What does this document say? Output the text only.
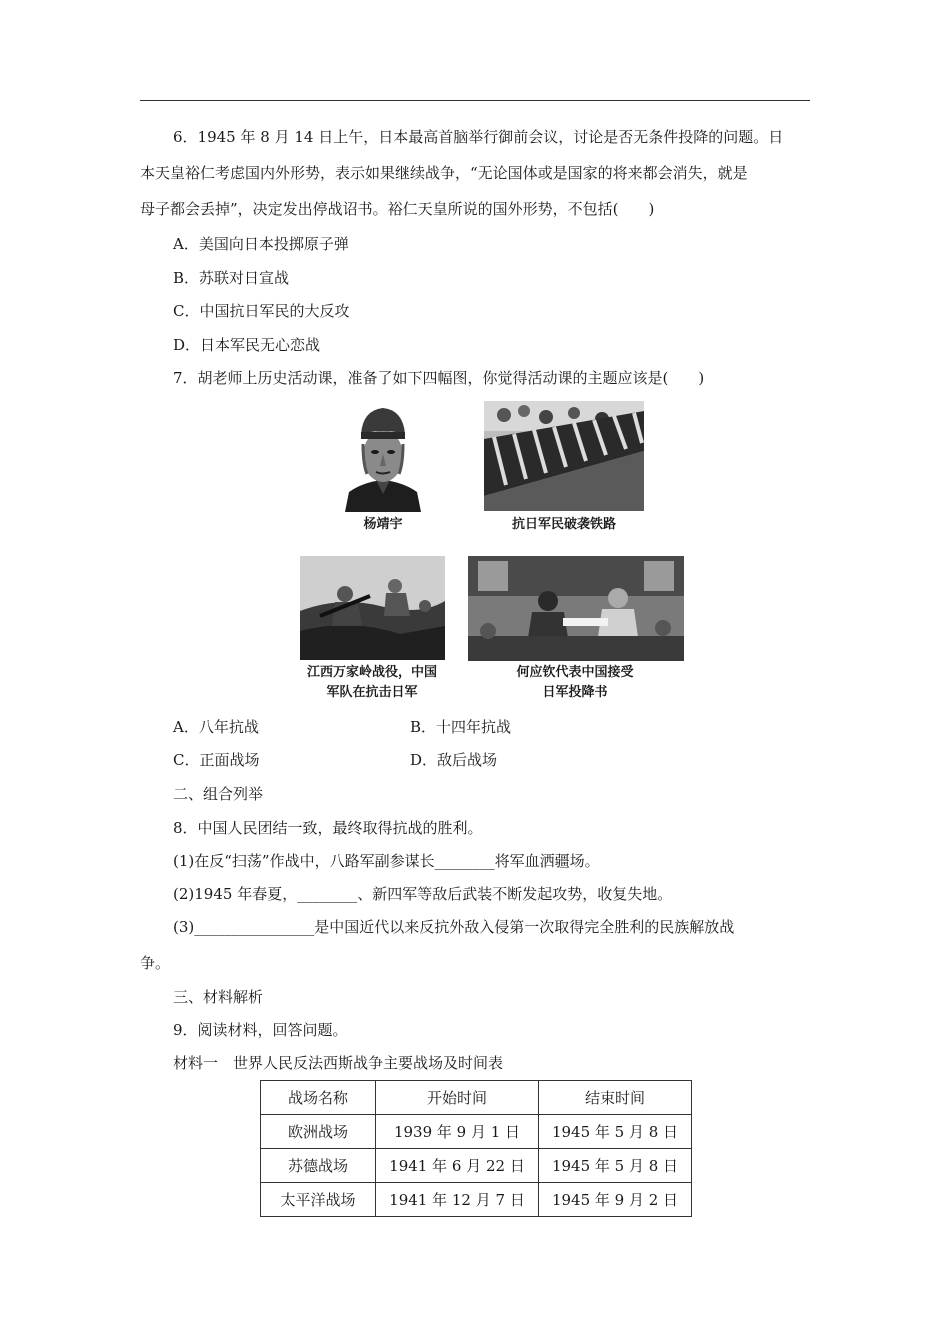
6．1945 年 8 月 14 日上午，日本最高首脑举行御前会议，讨论是否无条件投降的问题。日
本天皇裕仁考虑国内外形势，表示如果继续战争，“无论国体或是国家的将来都会消失，就是
母子都会丢掉”，决定发出停战诏书。裕仁天皇所说的国外形势，不包括(　　)
A．美国向日本投掷原子弹
B．苏联对日宣战
C．中国抗日军民的大反攻
D．日本军民无心恋战
7．胡老师上历史活动课，准备了如下四幅图，你觉得活动课的主题应该是(　　)
杨靖宇	抗日军民破袭铁路
江西万家岭战役，中国
军队在抗击日军
何应钦代表中国接受
日军投降书
A．八年抗战	B．十四年抗战
C．正面战场	D．敌后战场
二、组合列举
8．中国人民团结一致，最终取得抗战的胜利。
(1)在反“扫荡”作战中，八路军副参谋长________将军血洒疆场。
(2)1945 年春夏，________、新四军等敌后武装不断发起攻势，收复失地。
(3)________________是中国近代以来反抗外敌入侵第一次取得完全胜利的民族解放战
争。
三、材料解析
9．阅读材料，回答问题。
材料一　世界人民反法西斯战争主要战场及时间表
战场名称	开始时间	结束时间
欧洲战场	1939 年 9 月 1 日	1945 年 5 月 8 日
苏德战场	1941 年 6 月 22 日	1945 年 5 月 8 日
太平洋战场	1941 年 12 月 7 日	1945 年 9 月 2 日
